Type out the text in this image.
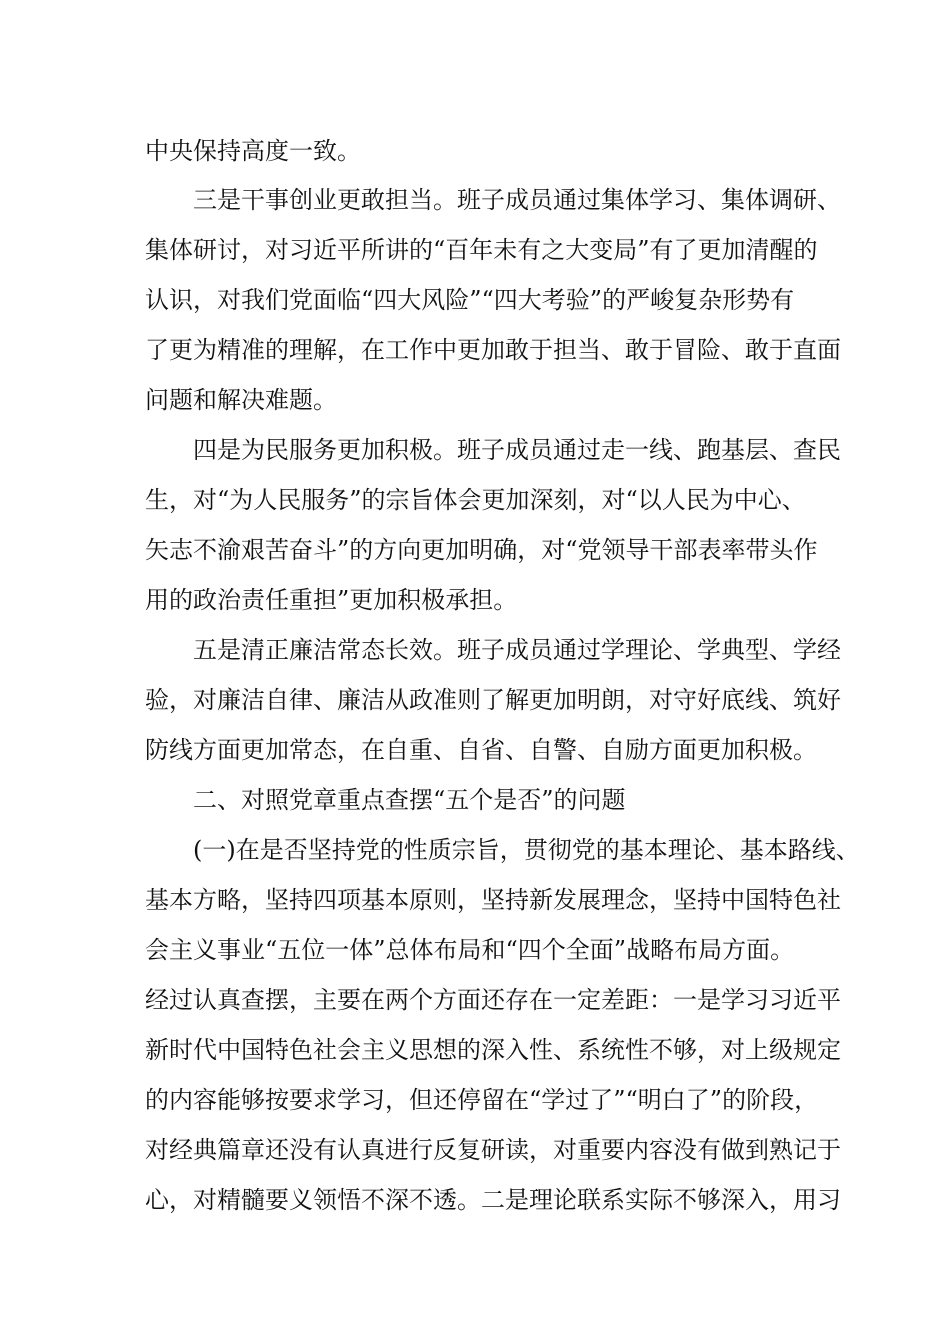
中央保持高度一致。
三是干事创业更敢担当。班子成员通过集体学习、集体调研、
集体研讨，对习近平所讲的“百年未有之大变局”有了更加清醒的
认识，对我们党面临“四大风险”“四大考验”的严峻复杂形势有
了更为精准的理解，在工作中更加敢于担当、敢于冒险、敢于直面
问题和解决难题。
四是为民服务更加积极。班子成员通过走一线、跑基层、查民
生，对“为人民服务”的宗旨体会更加深刻，对“以人民为中心、
矢志不渝艰苦奋斗”的方向更加明确，对“党领导干部表率带头作
用的政治责任重担”更加积极承担。
五是清正廉洁常态长效。班子成员通过学理论、学典型、学经
验，对廉洁自律、廉洁从政准则了解更加明朗，对守好底线、筑好
防线方面更加常态，在自重、自省、自警、自励方面更加积极。
二、对照党章重点查摆“五个是否”的问题
(一)在是否坚持党的性质宗旨，贯彻党的基本理论、基本路线、
基本方略，坚持四项基本原则，坚持新发展理念，坚持中国特色社
会主义事业“五位一体”总体布局和“四个全面”战略布局方面。
经过认真查摆，主要在两个方面还存在一定差距：一是学习习近平
新时代中国特色社会主义思想的深入性、系统性不够，对上级规定
的内容能够按要求学习，但还停留在“学过了”“明白了”的阶段，
对经典篇章还没有认真进行反复研读，对重要内容没有做到熟记于
心，对精髓要义领悟不深不透。二是理论联系实际不够深入，用习
